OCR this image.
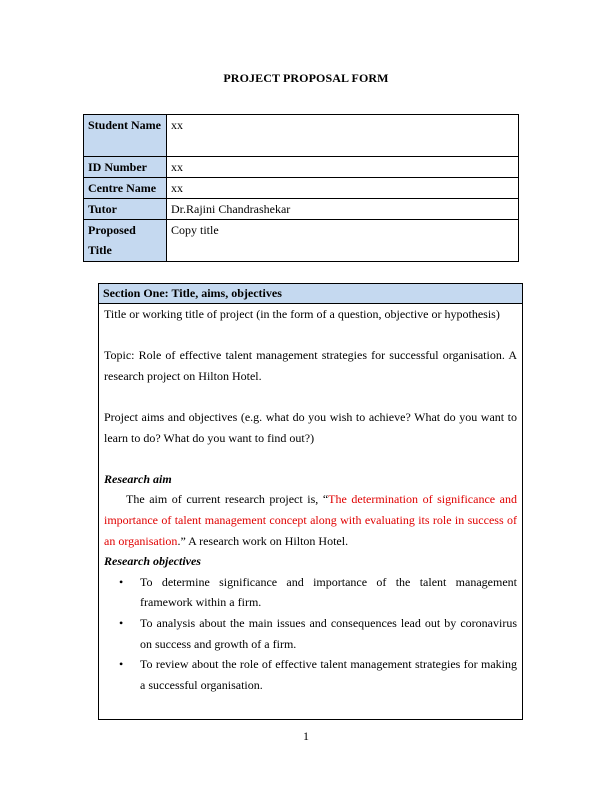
PROJECT PROPOSAL FORM
Student Name	xx
ID Number	xx
Centre Name	xx
Tutor	Dr.Rajini Chandrashekar
Proposed Title	Copy title
Section One: Title, aims, objectives

Title or working title of project (in the form of a question, objective or hypothesis)

Topic: Role of effective talent management strategies for successful organisation. A research project on Hilton Hotel.

Project aims and objectives (e.g. what do you wish to achieve? What do you want to learn to do? What do you want to find out?)

Research aim

The aim of current research project is, “The determination of significance and importance of talent management concept along with evaluating its role in success of an organisation.” A research work on Hilton Hotel.

Research objectives

• To determine significance and importance of the talent management framework within a firm.
• To analysis about the main issues and consequences lead out by coronavirus on success and growth of a firm.
• To review about the role of effective talent management strategies for making a successful organisation.
1
